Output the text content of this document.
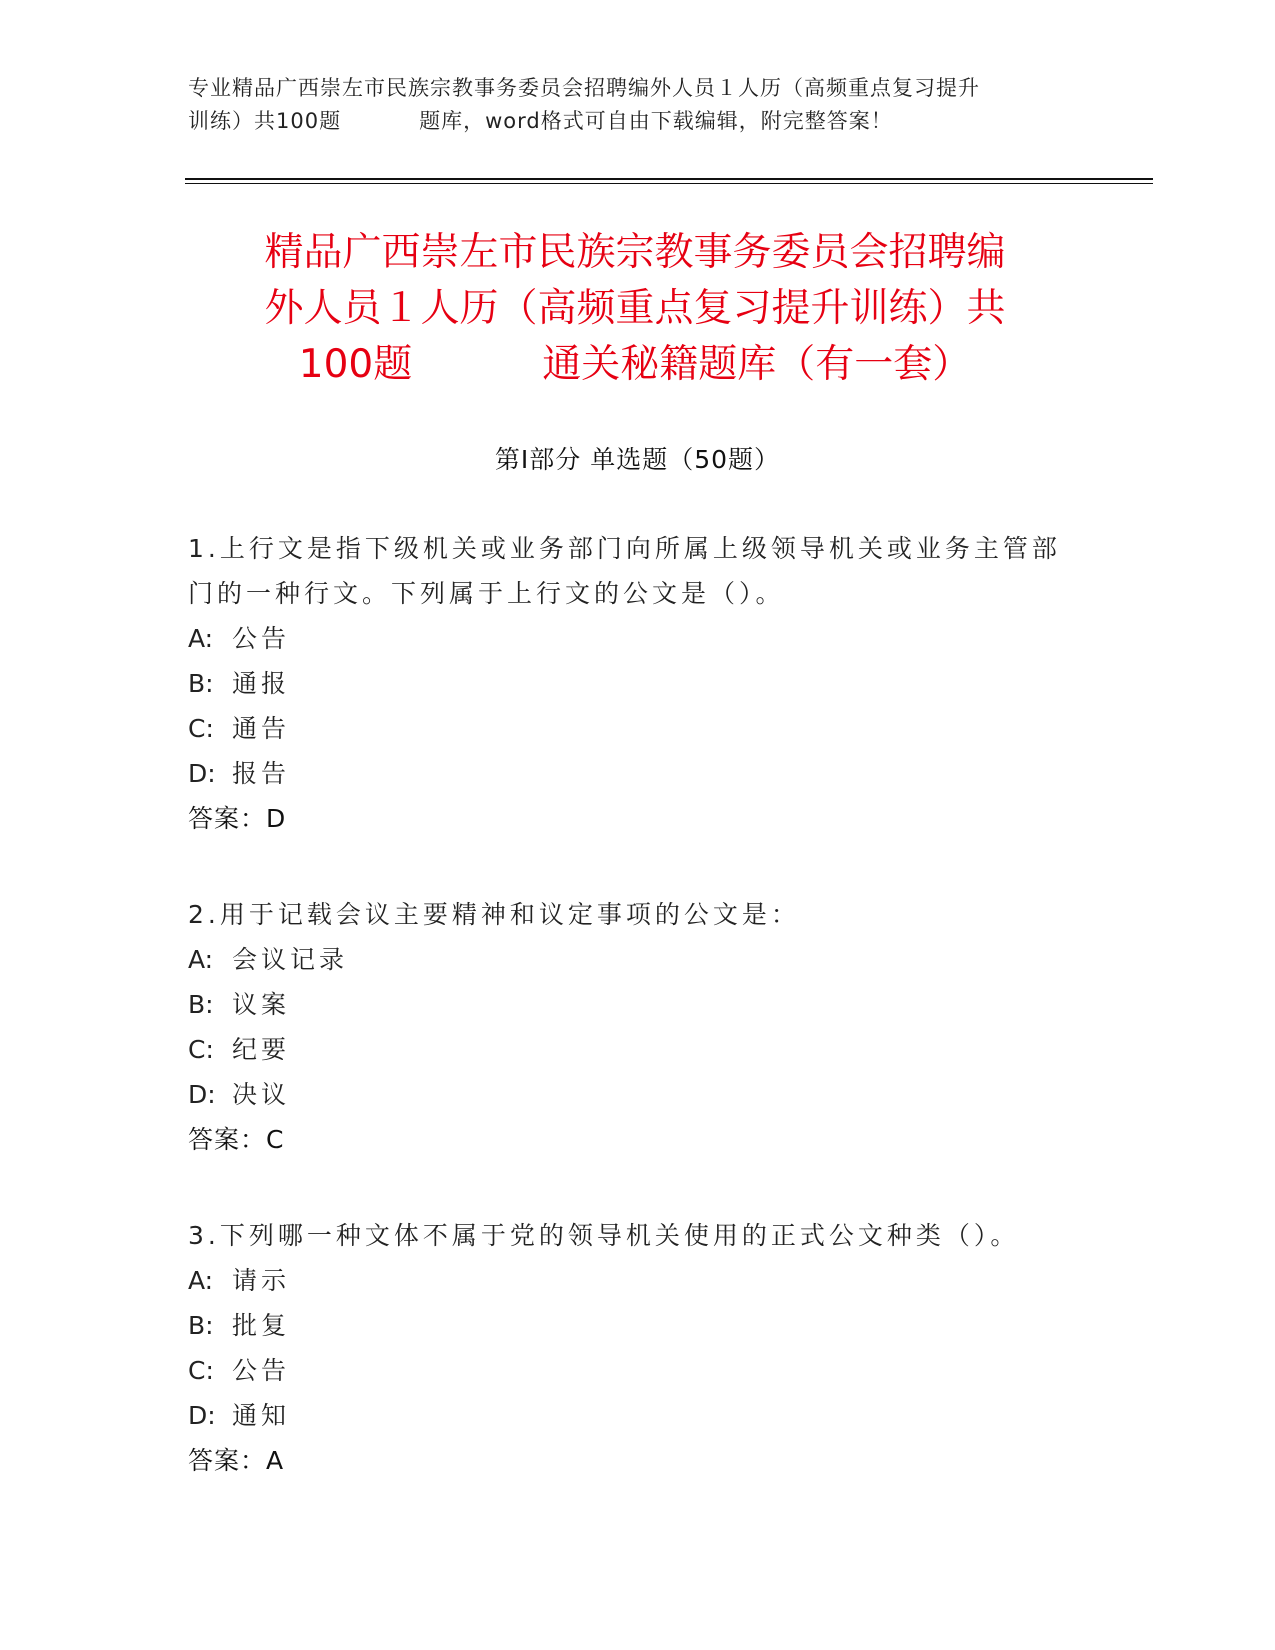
专业精品广西崇左市民族宗教事务委员会招聘编外人员１人历（高频重点复习提升
训练）共100题	题库，word格式可自由下载编辑，附完整答案！
精品广西崇左市民族宗教事务委员会招聘编
外人员１人历（高频重点复习提升训练）共
100题	通关秘籍题库（有一套）
第Ⅰ部分 单选题（50题）
1.上行文是指下级机关或业务部门向所属上级领导机关或业务主管部门的一种行文。下列属于上行文的公文是（）。
A: 公告
B: 通报
C: 通告
D: 报告
答案：D
2.用于记载会议主要精神和议定事项的公文是：
A: 会议记录
B: 议案
C: 纪要
D: 决议
答案：C
3.下列哪一种文体不属于党的领导机关使用的正式公文种类（）。
A: 请示
B: 批复
C: 公告
D: 通知
答案：A
